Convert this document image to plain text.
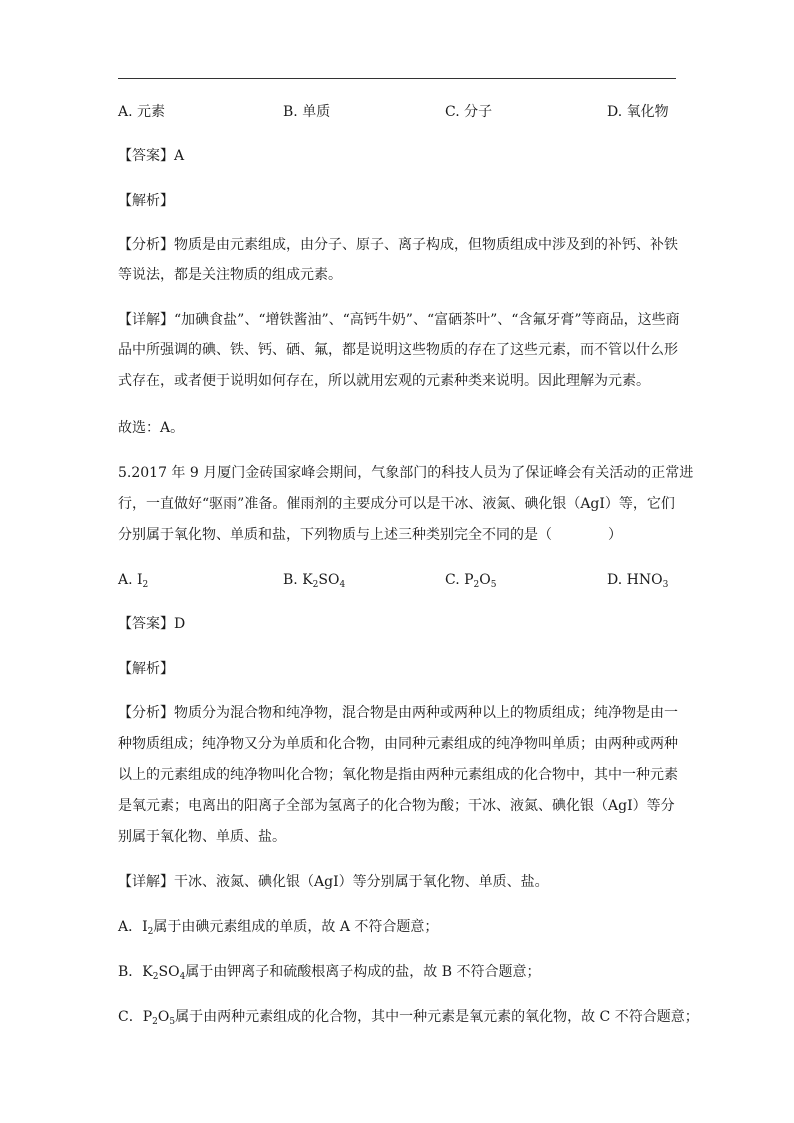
A. 元素	B. 单质	C. 分子	D. 氧化物
【答案】A
【解析】
【分析】物质是由元素组成，由分子、原子、离子构成，但物质组成中涉及到的补钙、补铁
等说法，都是关注物质的组成元素。
【详解】“加碘食盐”、“增铁酱油”、“高钙牛奶”、“富硒茶叶”、“含氟牙膏”等商品，这些商
品中所强调的碘、铁、钙、硒、氟，都是说明这些物质的存在了这些元素，而不管以什么形
式存在，或者便于说明如何存在，所以就用宏观的元素种类来说明。因此理解为元素。
故选：A。
5.2017 年 9 月厦门金砖国家峰会期间，气象部门的科技人员为了保证峰会有关活动的正常进
行，一直做好“驱雨”准备。催雨剂的主要成分可以是干冰、液氮、碘化银（AgI）等，它们
分别属于氧化物、单质和盐，下列物质与上述三种类别完全不同的是（	）
A. $I_2$	B. $K_2SO_4$	C. $P_2O_5$	D. $HNO_3$
【答案】D
【解析】
【分析】物质分为混合物和纯净物，混合物是由两种或两种以上的物质组成；纯净物是由一
种物质组成；纯净物又分为单质和化合物，由同种元素组成的纯净物叫单质；由两种或两种
以上的元素组成的纯净物叫化合物；氧化物是指由两种元素组成的化合物中，其中一种元素
是氧元素；电离出的阳离子全部为氢离子的化合物为酸；干冰、液氮、碘化银（AgI）等分
别属于氧化物、单质、盐。
【详解】干冰、液氮、碘化银（AgI）等分别属于氧化物、单质、盐。
A．$I_2$属于由碘元素组成的单质，故 A 不符合题意；
B．$K_2SO_4$属于由钾离子和硫酸根离子构成的盐，故 B 不符合题意；
C．$P_2O_5$属于由两种元素组成的化合物，其中一种元素是氧元素的氧化物，故 C 不符合题意；
